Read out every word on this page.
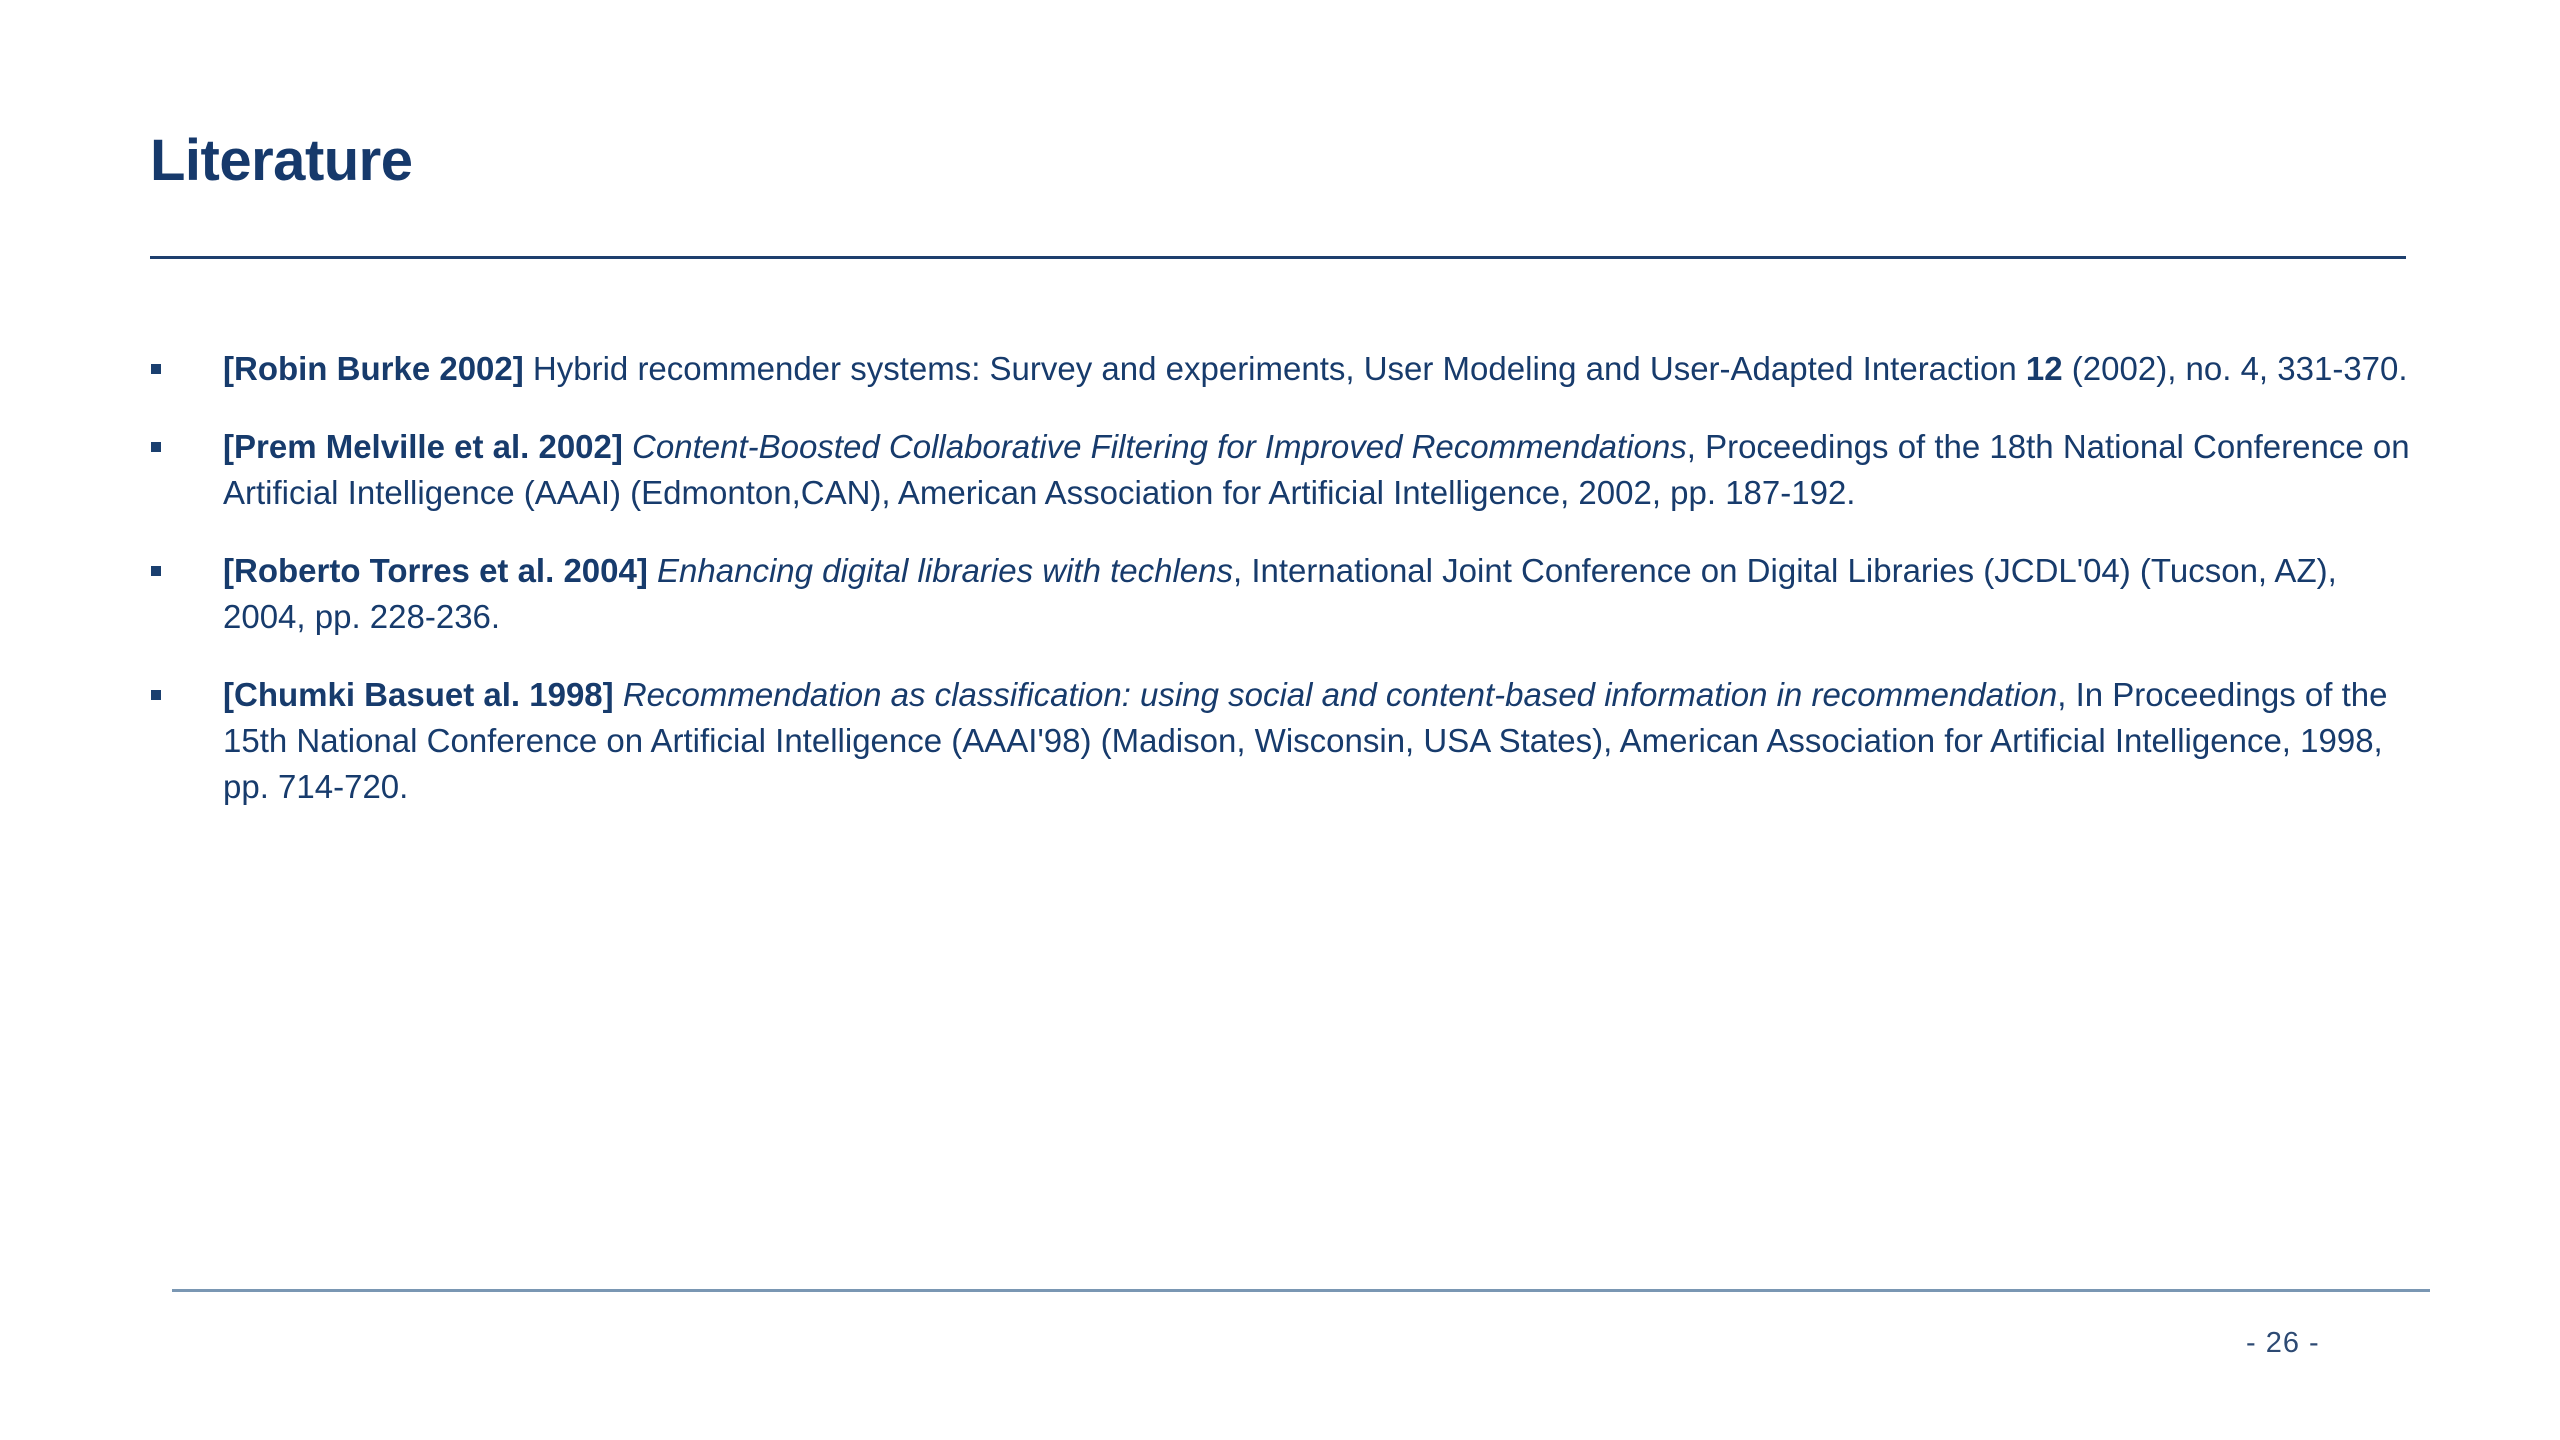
Literature
[Robin Burke 2002] Hybrid recommender systems: Survey and experiments, User Modeling and User-Adapted Interaction 12 (2002), no. 4, 331-370.
[Prem Melville et al. 2002] Content-Boosted Collaborative Filtering for Improved Recommendations, Proceedings of the 18th National Conference on Artificial Intelligence (AAAI) (Edmonton,CAN), American Association for Artificial Intelligence, 2002, pp. 187-192.
[Roberto Torres et al. 2004] Enhancing digital libraries with techlens, International Joint Conference on Digital Libraries (JCDL'04) (Tucson, AZ), 2004, pp. 228-236.
[Chumki Basuet al. 1998] Recommendation as classification: using social and content-based information in recommendation, In Proceedings of the 15th National Conference on Artificial Intelligence (AAAI'98) (Madison, Wisconsin, USA States), American Association for Artificial Intelligence, 1998, pp. 714-720.
- 26 -
